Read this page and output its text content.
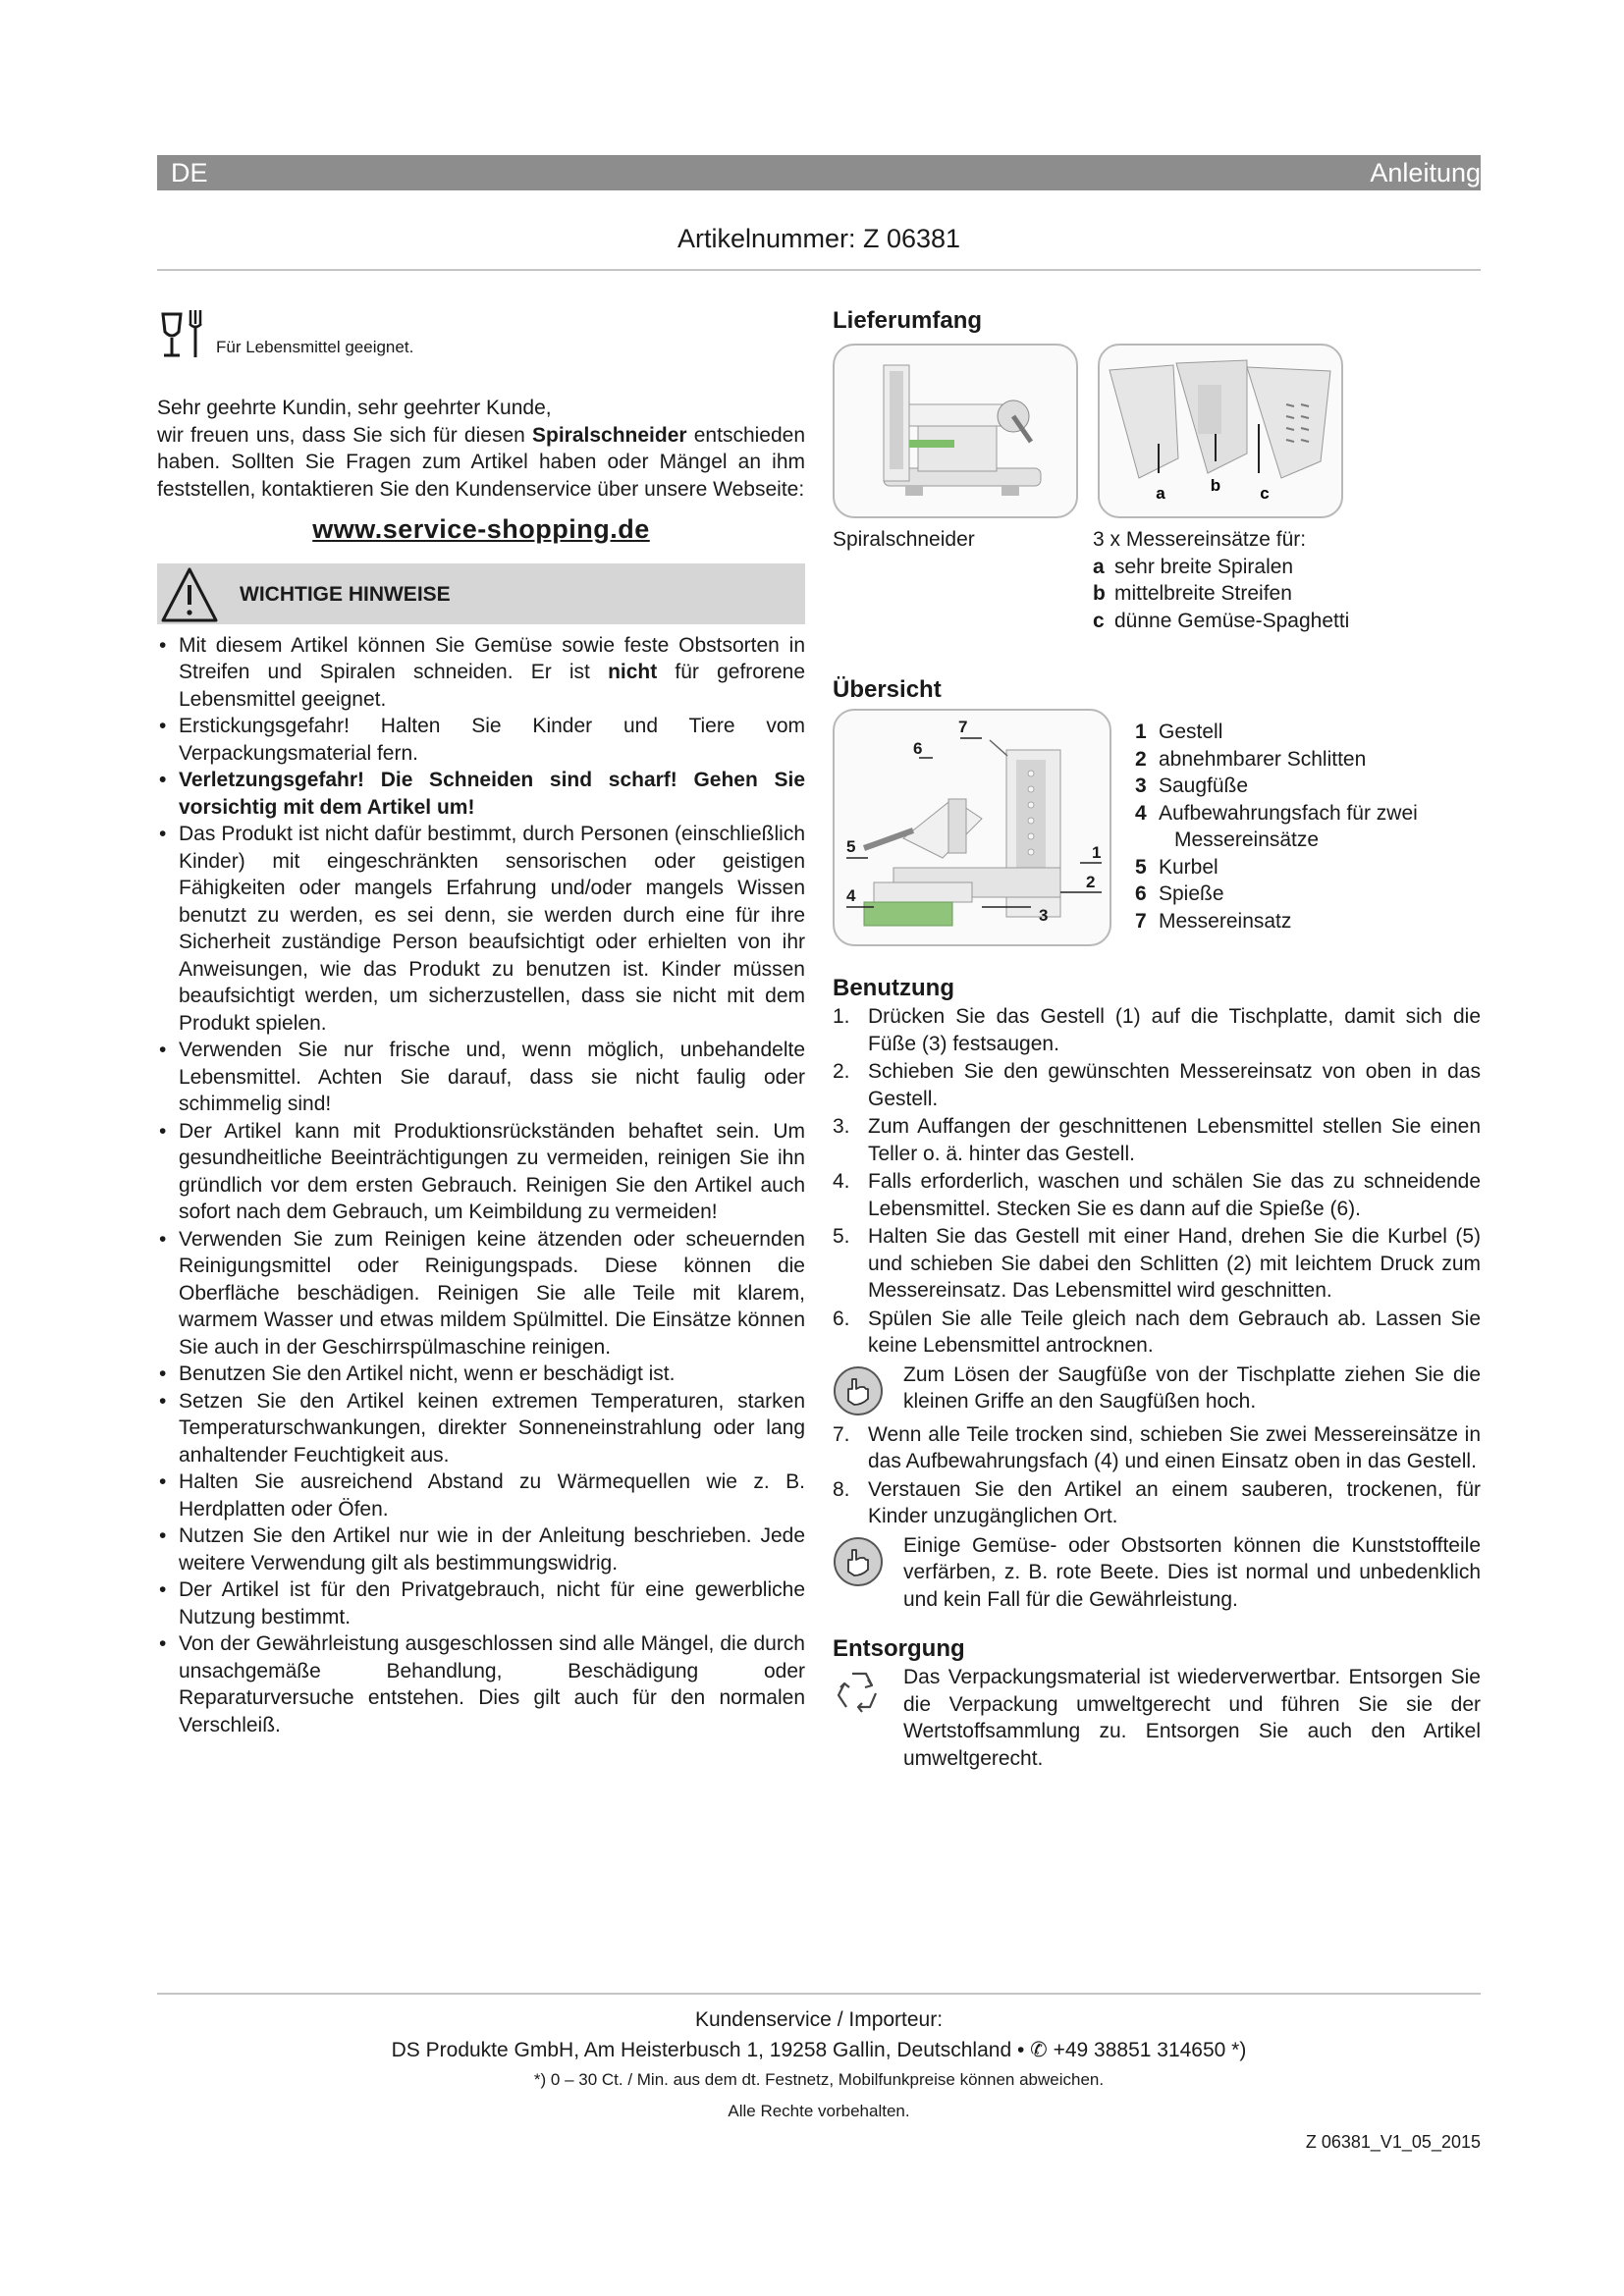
DE	Anleitung
Artikelnummer: Z 06381
Für Lebensmittel geeignet.

Sehr geehrte Kundin, sehr geehrter Kunde,

wir freuen uns, dass Sie sich für diesen Spiralschneider entschieden haben. Sollten Sie Fragen zum Artikel haben oder Mängel an ihm feststellen, kontaktieren Sie den Kundenservice über unsere Webseite:

www.service-shopping.de

WICHTIGE HINWEISE
• Mit diesem Artikel können Sie Gemüse sowie feste Obstsorten in Streifen und Spiralen schneiden. Er ist nicht für gefrorene Lebensmittel geeignet.
• Erstickungsgefahr! Halten Sie Kinder und Tiere vom Verpackungsmaterial fern.
• Verletzungsgefahr! Die Schneiden sind scharf! Gehen Sie vorsichtig mit dem Artikel um!
• Das Produkt ist nicht dafür bestimmt, durch Personen (einschließlich Kinder) mit eingeschränkten sensorischen oder geistigen Fähigkeiten oder mangels Erfahrung und/oder mangels Wissen benutzt zu werden, es sei denn, sie werden durch eine für ihre Sicherheit zuständige Person beaufsichtigt oder erhielten von ihr Anweisungen, wie das Produkt zu benutzen ist. Kinder müssen beaufsichtigt werden, um sicherzustellen, dass sie nicht mit dem Produkt spielen.
• Verwenden Sie nur frische und, wenn möglich, unbehandelte Lebensmittel. Achten Sie darauf, dass sie nicht faulig oder schimmelig sind!
• Der Artikel kann mit Produktionsrückständen behaftet sein. Um gesundheitliche Beeinträchtigungen zu vermeiden, reinigen Sie ihn gründlich vor dem ersten Gebrauch. Reinigen Sie den Artikel auch sofort nach dem Gebrauch, um Keimbildung zu vermeiden!
• Verwenden Sie zum Reinigen keine ätzenden oder scheuernden Reinigungsmittel oder Reinigungspads. Diese können die Oberfläche beschädigen. Reinigen Sie alle Teile mit klarem, warmem Wasser und etwas mildem Spülmittel. Die Einsätze können Sie auch in der Geschirrspülmaschine reinigen.
• Benutzen Sie den Artikel nicht, wenn er beschädigt ist.
• Setzen Sie den Artikel keinen extremen Temperaturen, starken Temperaturschwankungen, direkter Sonneneinstrahlung oder lang anhaltender Feuchtigkeit aus.
• Halten Sie ausreichend Abstand zu Wärmequellen wie z. B. Herdplatten oder Öfen.
• Nutzen Sie den Artikel nur wie in der Anleitung beschrieben. Jede weitere Verwendung gilt als bestimmungswidrig.
• Der Artikel ist für den Privatgebrauch, nicht für eine gewerbliche Nutzung bestimmt.
• Von der Gewährleistung ausgeschlossen sind alle Mängel, die durch unsachgemäße Behandlung, Beschädigung oder Reparaturversuche entstehen. Dies gilt auch für den normalen Verschleiß.
Lieferumfang
a	b c
Spiralschneider	3 x Messereinsätze für:
a sehr breite Spiralen
b mittelbreite Streifen
c dünne Gemüse-Spaghetti
Übersicht
1
2
3
4
5
6
7	1 Gestell
2 abnehmbarer Schlitten
3 Saugfüße
4 Aufbewahrungsfach für zwei
Messereinsätze
5 Kurbel
6 Spieße
7 Messereinsatz
Benutzung
1. Drücken Sie das Gestell (1) auf die Tischplatte, damit sich die Füße (3) festsaugen.
2. Schieben Sie den gewünschten Messereinsatz von oben in das Gestell.
3. Zum Auffangen der geschnittenen Lebensmittel stellen Sie einen Teller o. ä. hinter das Gestell.
4. Falls erforderlich, waschen und schälen Sie das zu schneidende Lebensmittel. Stecken Sie es dann auf die Spieße (6).
5. Halten Sie das Gestell mit einer Hand, drehen Sie die Kurbel (5) und schieben Sie dabei den Schlitten (2) mit leichtem Druck zum Messereinsatz. Das Lebensmittel wird geschnitten.
6. Spülen Sie alle Teile gleich nach dem Gebrauch ab. Lassen Sie keine Lebensmittel antrocknen.
Zum Lösen der Saugfüße von der Tischplatte ziehen Sie die kleinen Griffe an den Saugfüßen hoch.
7. Wenn alle Teile trocken sind, schieben Sie zwei Messereinsätze in das Aufbewahrungsfach (4) und einen Einsatz oben in das Gestell.
8. Verstauen Sie den Artikel an einem sauberen, trockenen, für Kinder unzugänglichen Ort.
Einige Gemüse- oder Obstsorten können die Kunststoffteile verfärben, z. B. rote Beete. Dies ist normal und unbedenklich und kein Fall für die Gewährleistung.
Entsorgung
Das Verpackungsmaterial ist wiederverwertbar. Entsorgen Sie die Verpackung umweltgerecht und führen Sie sie der Wertstoffsammlung zu. Entsorgen Sie auch den Artikel umweltgerecht.
Kundenservice / Importeur:
DS Produkte GmbH, Am Heisterbusch 1, 19258 Gallin, Deutschland • ✆ +49 38851 314650 *)
*) 0 – 30 Ct. / Min. aus dem dt. Festnetz, Mobilfunkpreise können abweichen.
Alle Rechte vorbehalten.
Z 06381_V1_05_2015
